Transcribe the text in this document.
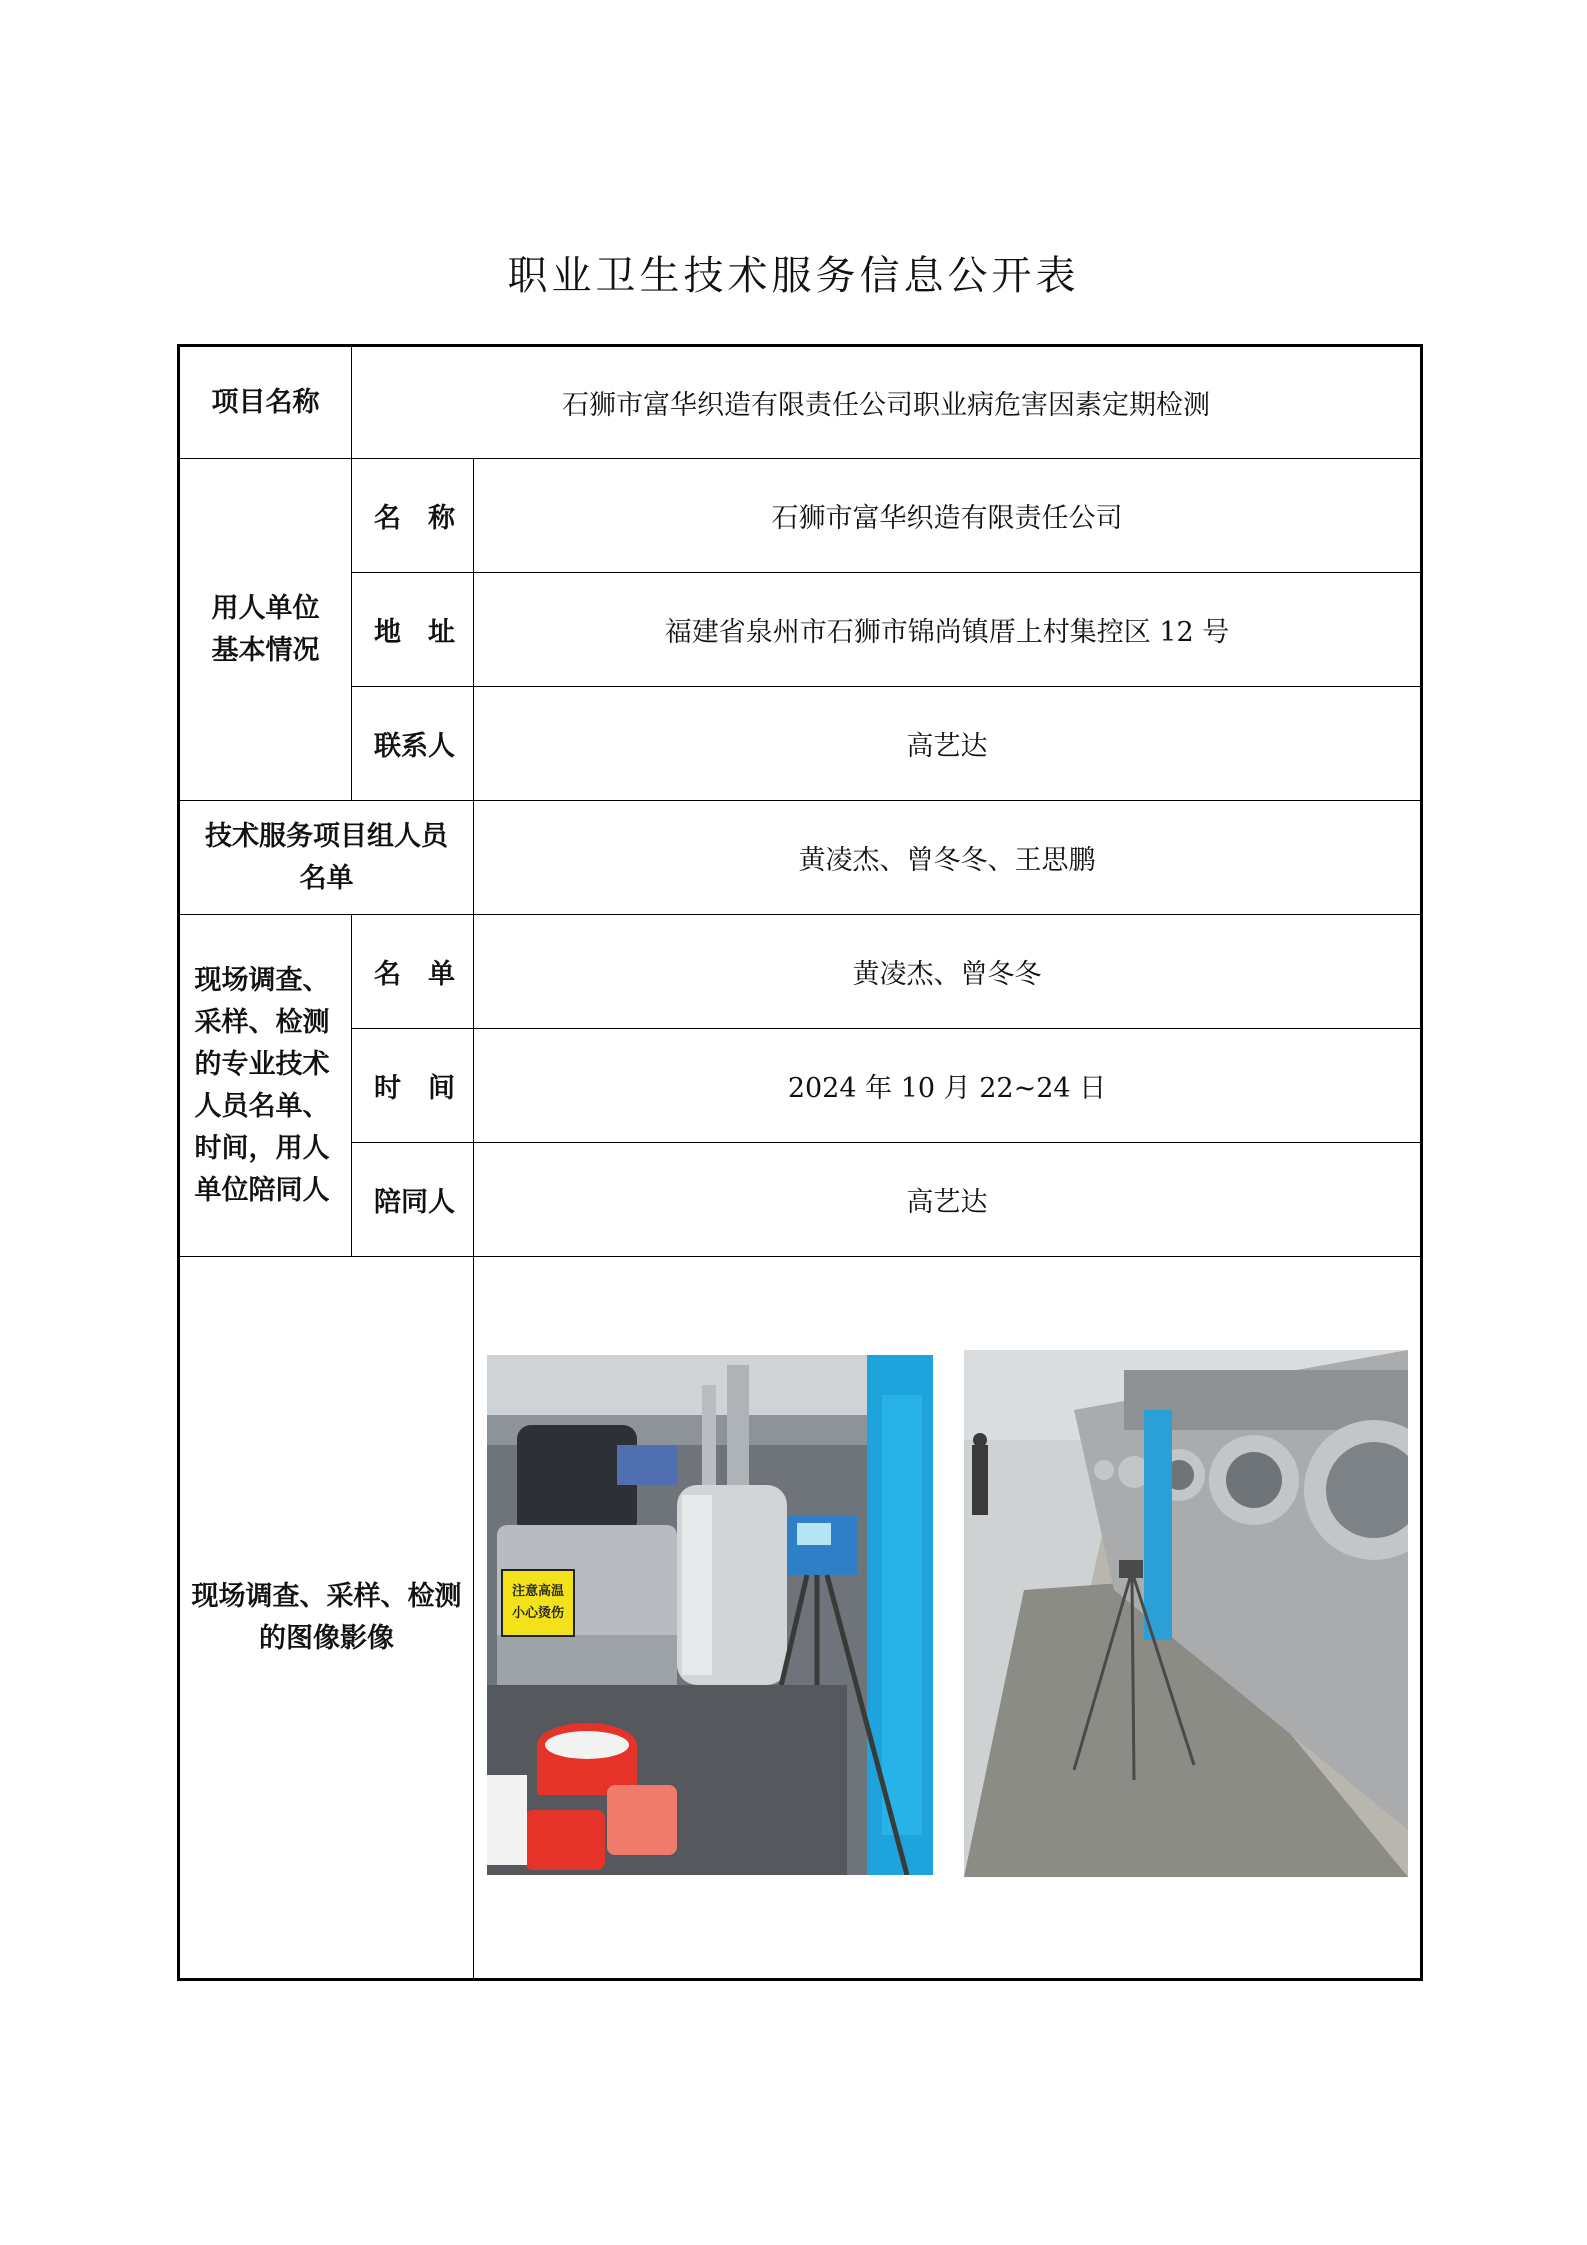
职业卫生技术服务信息公开表
项目名称	石狮市富华织造有限责任公司职业病危害因素定期检测	

用人单位基本情况	名　称	石狮市富华织造有限责任公司
	地　址	福建省泉州市石狮市锦尚镇厝上村集控区 12 号
	联系人	高艺达

技术服务项目组人员名单		黄凌杰、曾冬冬、王思鹏

现场调查、采样、检测的专业技术人员名单、时间，用人单位陪同人	名　单	黄凌杰、曾冬冬
	时　间	2024 年 10 月 22~24 日
	陪同人	高艺达

现场调查、采样、检测的图像影像		注意高温
小心烫伤
